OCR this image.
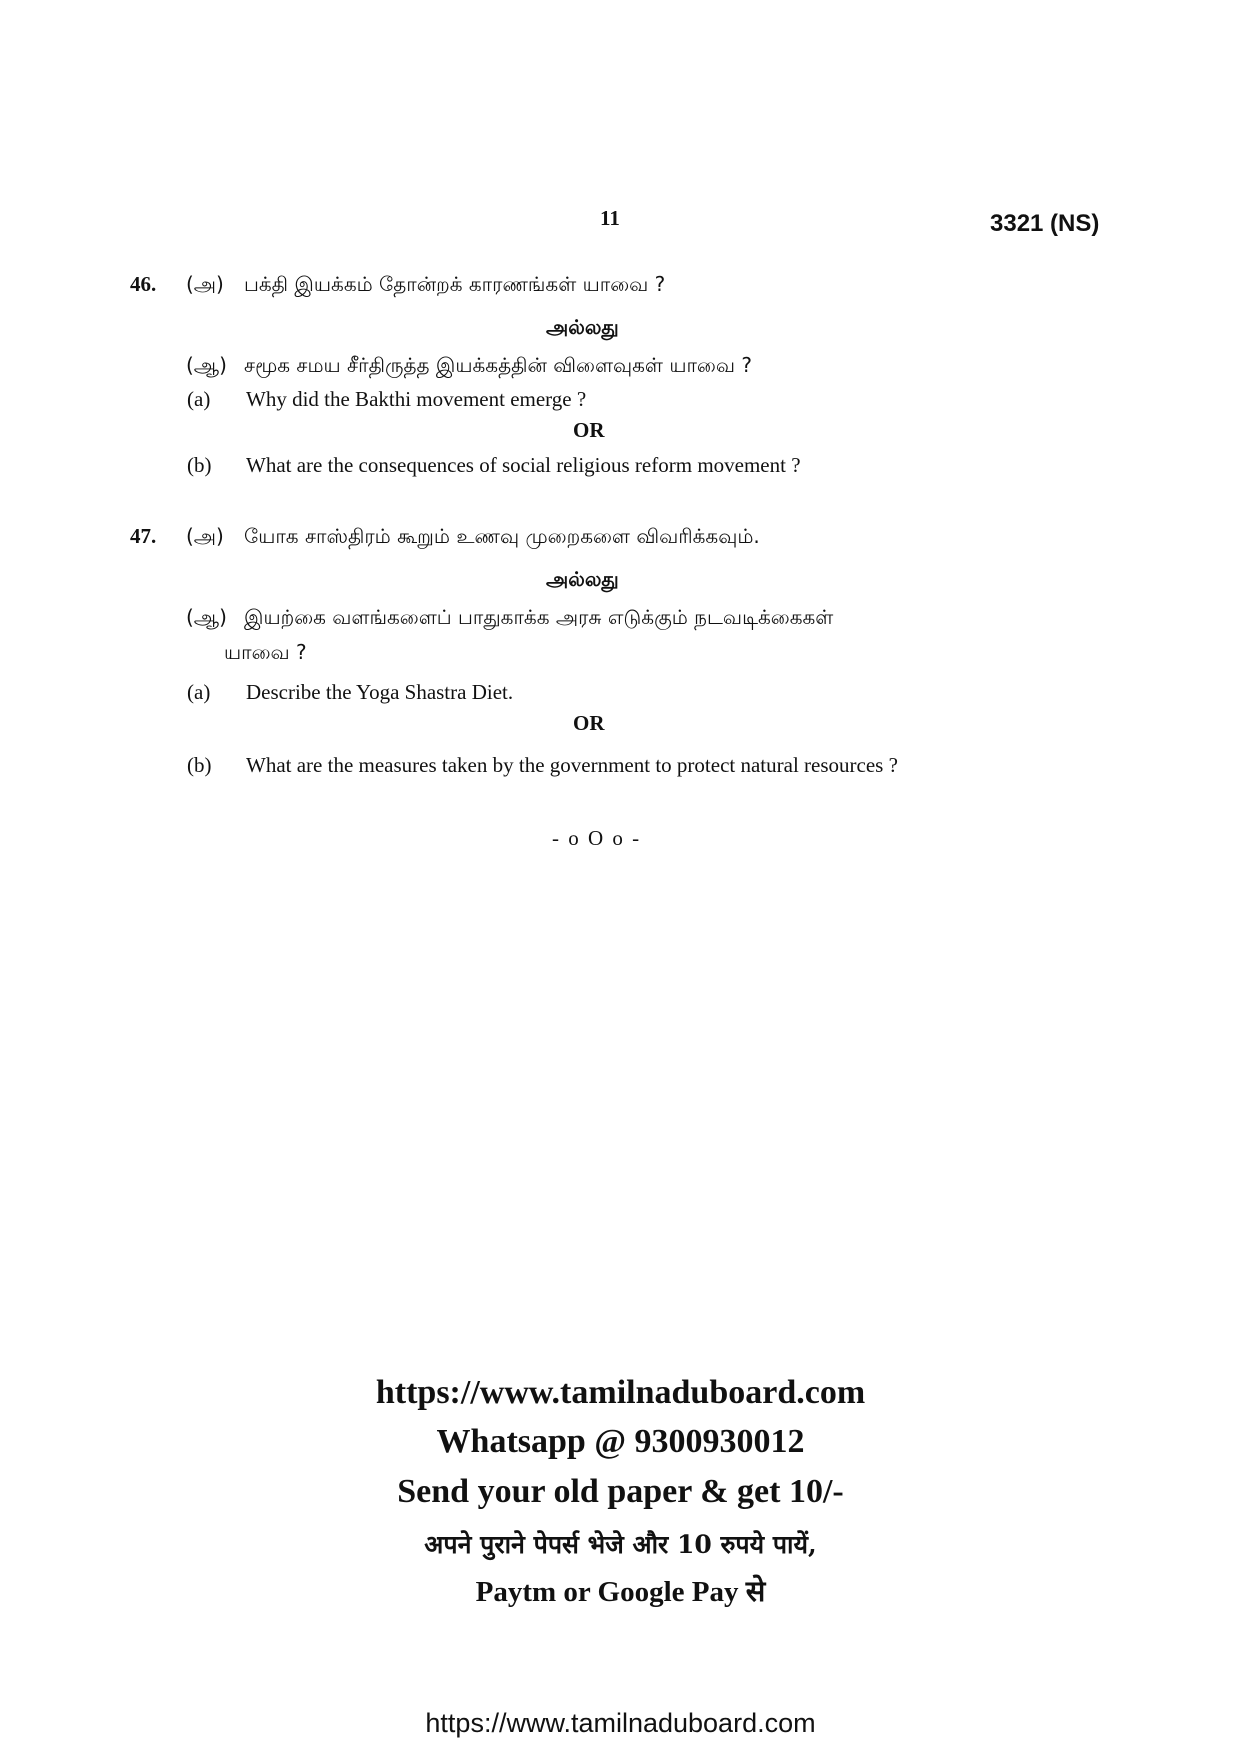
11	3321 (NS)
46. (அ) பக்தி இயக்கம் தோன்றக் காரணங்கள் யாவை ?
அல்லது
(ஆ) சமூக சமய சீர்திருத்த இயக்கத்தின் விளைவுகள் யாவை ?
(a) Why did the Bakthi movement emerge ?
OR
(b) What are the consequences of social religious reform movement ?
47. (அ) யோக சாஸ்திரம் கூறும் உணவு முறைகளை விவரிக்கவும்.
அல்லது
(ஆ) இயற்கை வளங்களைப் பாதுகாக்க அரசு எடுக்கும் நடவடிக்கைகள்
யாவை ?
(a) Describe the Yoga Shastra Diet.
OR
(b) What are the measures taken by the government to protect natural resources ?
- o O o -
https://www.tamilnaduboard.com
Whatsapp @ 9300930012
Send your old paper & get 10/-
अपने पुराने पेपर्स भेजे और 10 रुपये पायें,
Paytm or Google Pay से
https://www.tamilnaduboard.com
